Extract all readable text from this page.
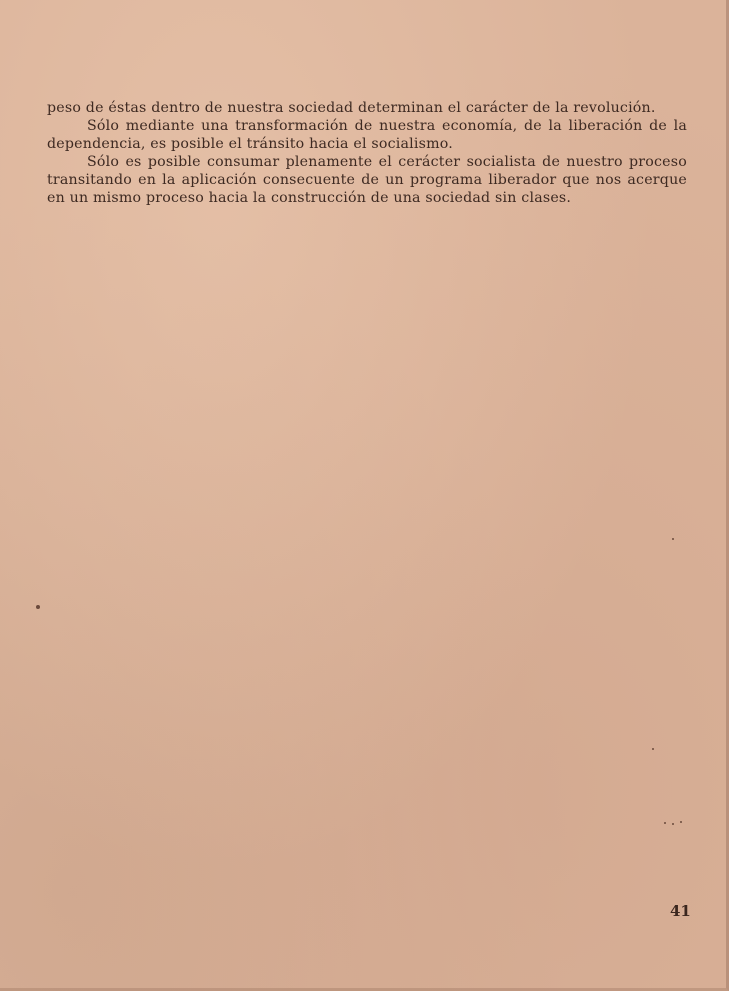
peso de éstas dentro de nuestra sociedad determinan el carácter de la revolución.

Sólo mediante una transformación de nuestra economía, de la liberación de la dependencia, es posible el tránsito hacia el socialismo.

Sólo es posible consumar plenamente el cerácter socialista de nuestro proceso transitando en la aplicación consecuente de un programa liberador que nos acerque en un mismo proceso hacia la construcción de una sociedad sin clases.

41
